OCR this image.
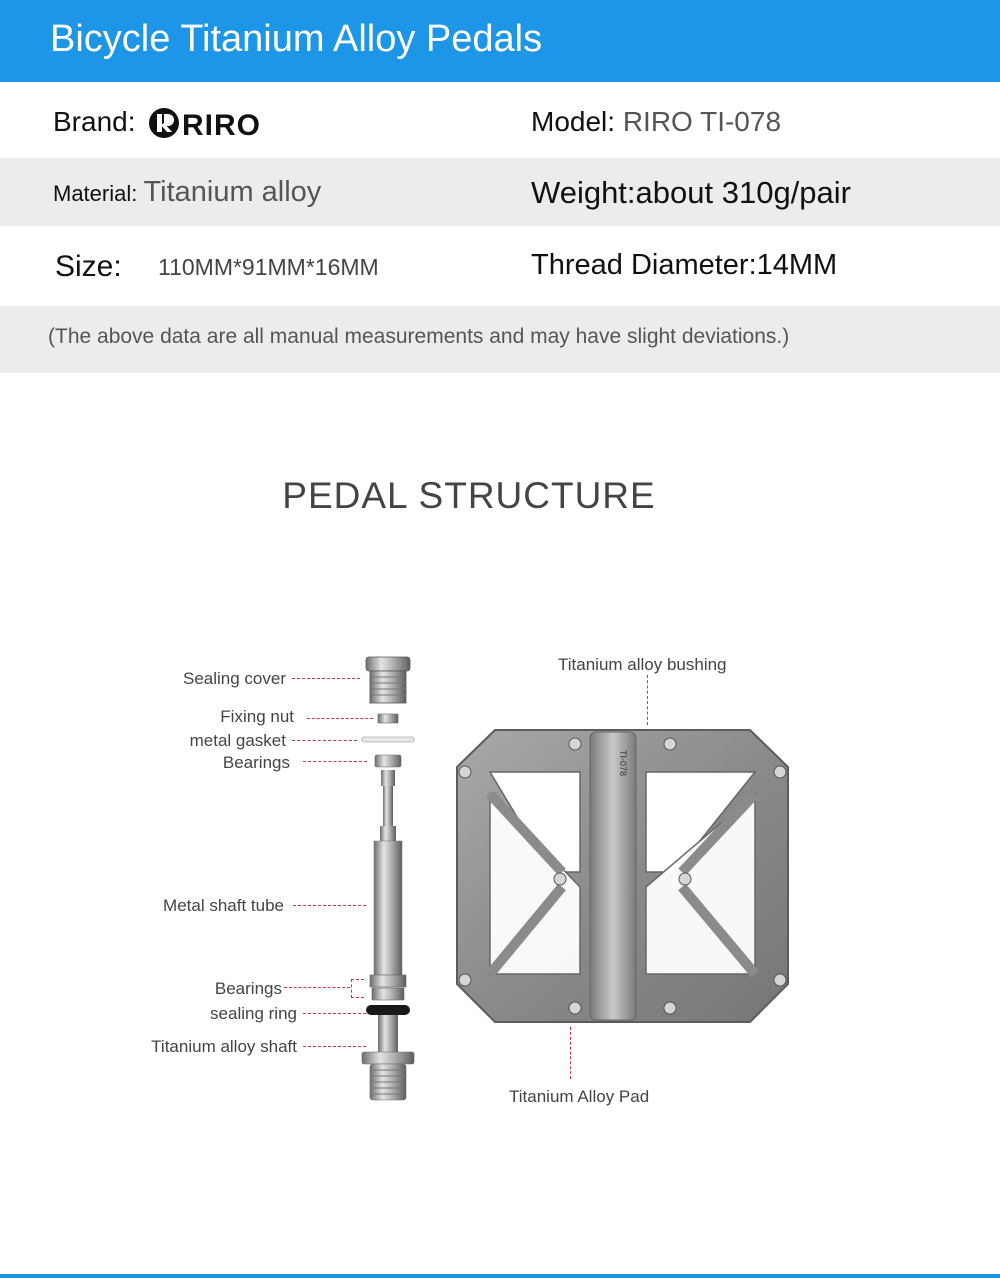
Bicycle Titanium Alloy Pedals
Brand: RIRO	Model: RIRO TI-078
Material: Titanium alloy	Weight:about 310g/pair
Size: 110MM*91MM*16MM	Thread Diameter:14MM
(The above data are all manual measurements and may have slight deviations.)
PEDAL STRUCTURE
TI-078
Sealing cover
Fixing nut
metal gasket
Bearings
Metal shaft tube
Bearings
sealing ring
Titanium alloy shaft
Titanium alloy bushing
Titanium Alloy Pad
